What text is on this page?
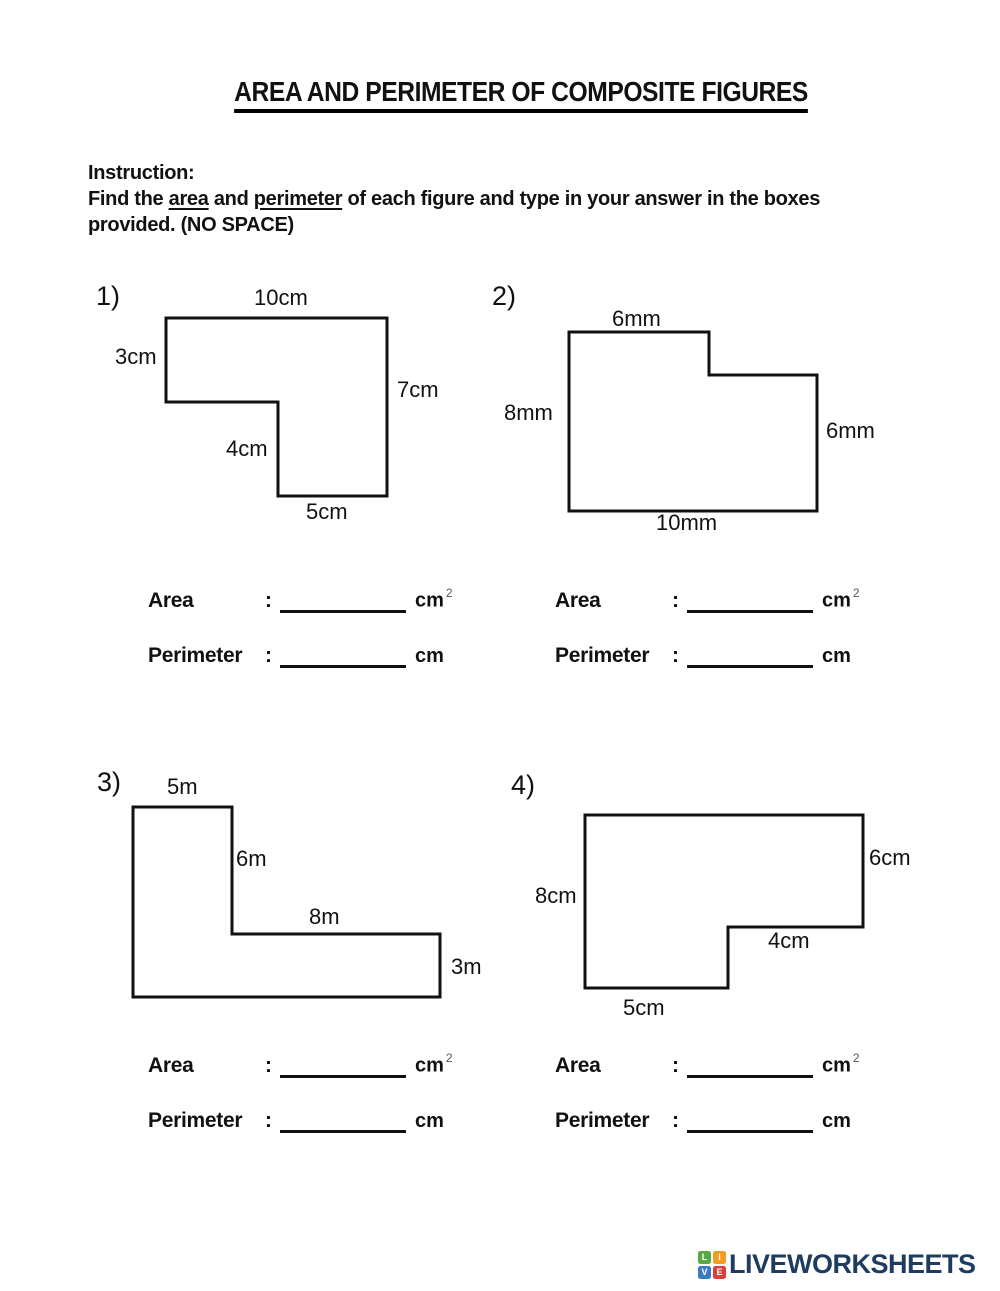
AREA AND PERIMETER OF COMPOSITE FIGURES
Instruction:
Find the area and perimeter of each figure and type in your answer in the boxes
provided. (NO SPACE)
1)	10cm
3cm
7cm
4cm
5cm
2)
6mm
8mm
6mm
10mm
Area	:	cm $^2$
Perimeter	:	cm
Area	:	cm $^2$
Perimeter	:	cm
3) 5m
6m
8m
3m
4)
6cm
8cm
4cm
5cm
Area	:	cm $^2$
Perimeter	:	cm
Area	:	cm $^2$
Perimeter	:	cm
L	I
V E LIVEWORKSHEETS
